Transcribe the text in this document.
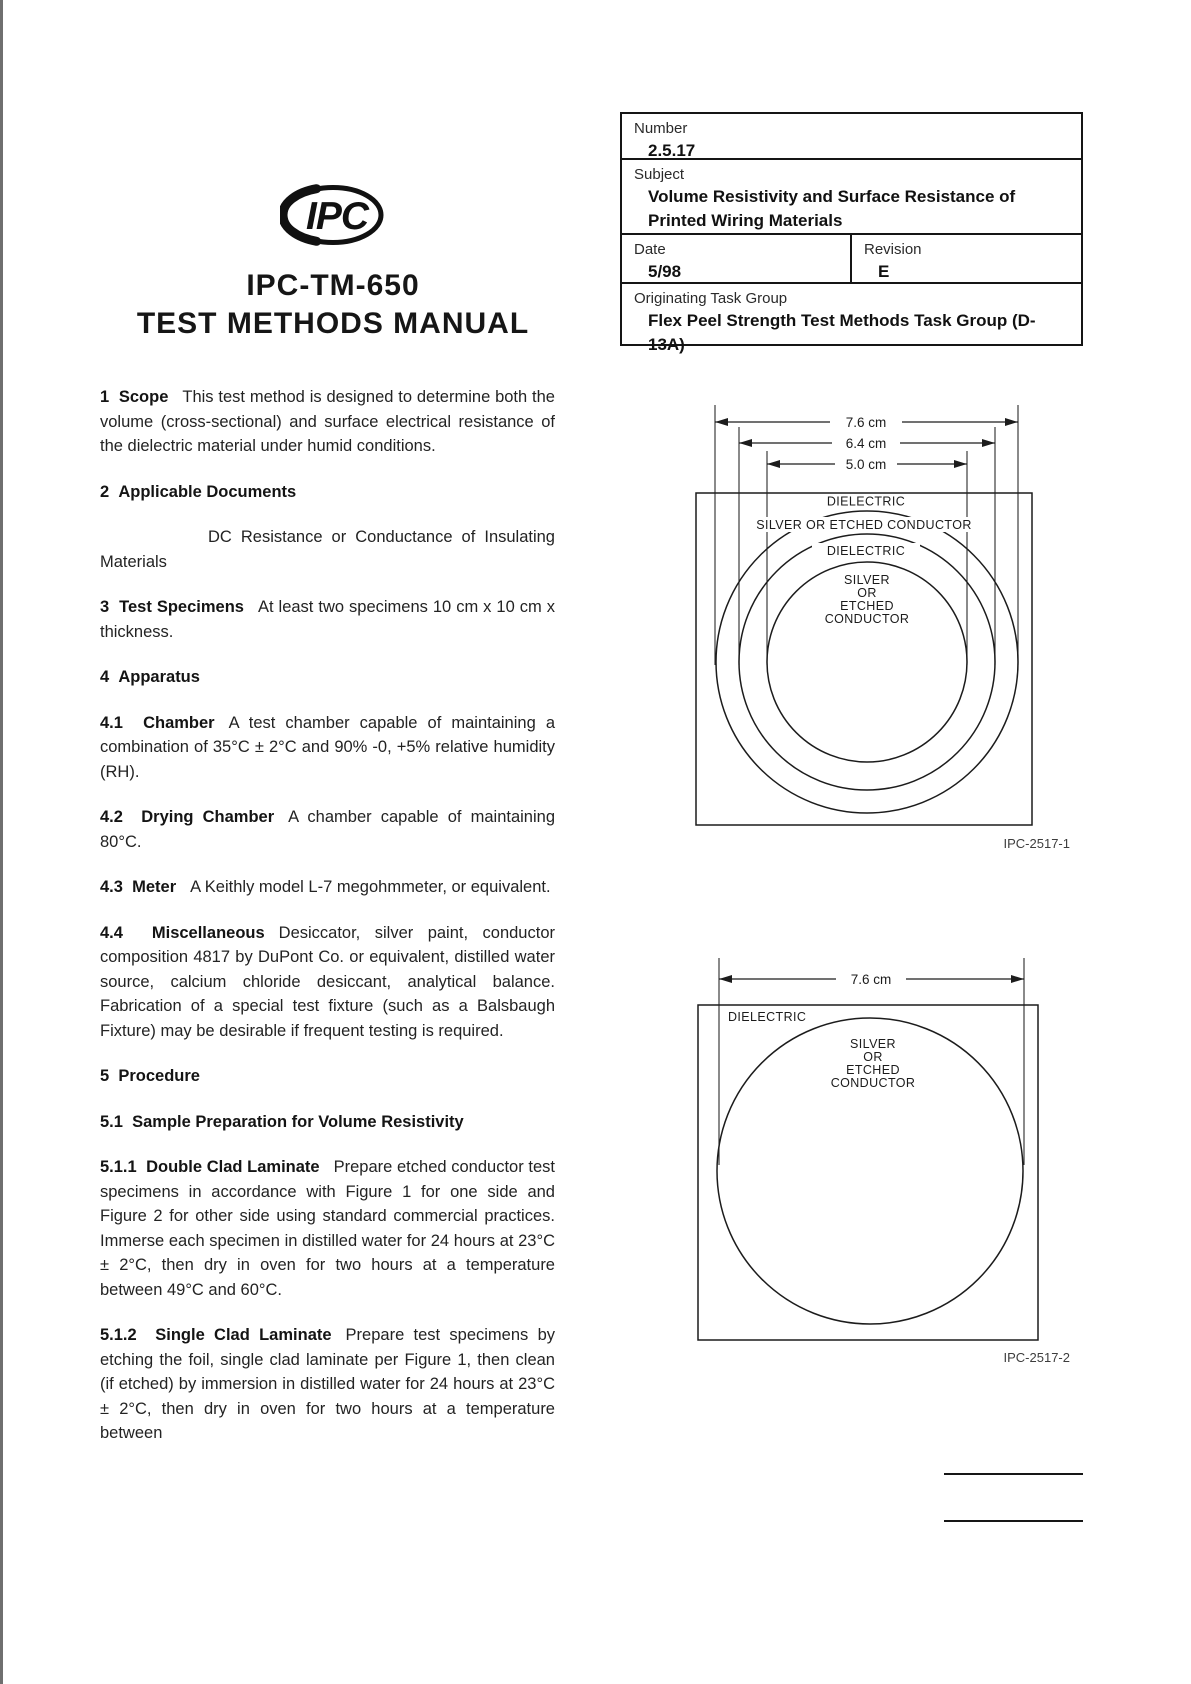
IPC
IPC-TM-650
TEST METHODS MANUAL
Number
2.5.17
Subject
Volume Resistivity and Surface Resistance of Printed Wiring Materials
Date
5/98
Revision
E
Originating Task Group
Flex Peel Strength Test Methods Task Group (D-13A)

1  Scope This test method is designed to determine both the volume (cross-sectional) and surface electrical resistance of the dielectric material under humid conditions.

2  Applicable Documents

DC Resistance or Conductance of Insulating Materials

3  Test Specimens At least two specimens 10 cm x 10 cm x thickness.

4  Apparatus

4.1  Chamber A test chamber capable of maintaining a combination of 35°C ± 2°C and 90% -0, +5% relative humidity (RH).

4.2  Drying Chamber A chamber capable of maintaining 80°C.

4.3  Meter A Keithly model L-7 megohmmeter, or equivalent.

4.4  Miscellaneous Desiccator, silver paint, conductor composition 4817 by DuPont Co. or equivalent, distilled water source, calcium chloride desiccant, analytical balance. Fabrication of a special test fixture (such as a Balsbaugh Fixture) may be desirable if frequent testing is required.

5  Procedure

5.1  Sample Preparation for Volume Resistivity

5.1.1  Double Clad Laminate Prepare etched conductor test specimens in accordance with Figure 1 for one side and Figure 2 for other side using standard commercial practices. Immerse each specimen in distilled water for 24 hours at 23°C ± 2°C, then dry in oven for two hours at a temperature between 49°C and 60°C.

5.1.2  Single Clad Laminate Prepare test specimens by etching the foil, single clad laminate per Figure 1, then clean (if etched) by immersion in distilled water for 24 hours at 23°C ± 2°C, then dry in oven for two hours at a temperature between

7.6 cm
6.4 cm
5.0 cm
DIELECTRIC
SILVER OR ETCHED CONDUCTOR
DIELECTRIC
SILVER
OR
ETCHED
CONDUCTOR
IPC-2517-1
7.6 cm
DIELECTRIC
SILVER
OR
ETCHED
CONDUCTOR
IPC-2517-2
